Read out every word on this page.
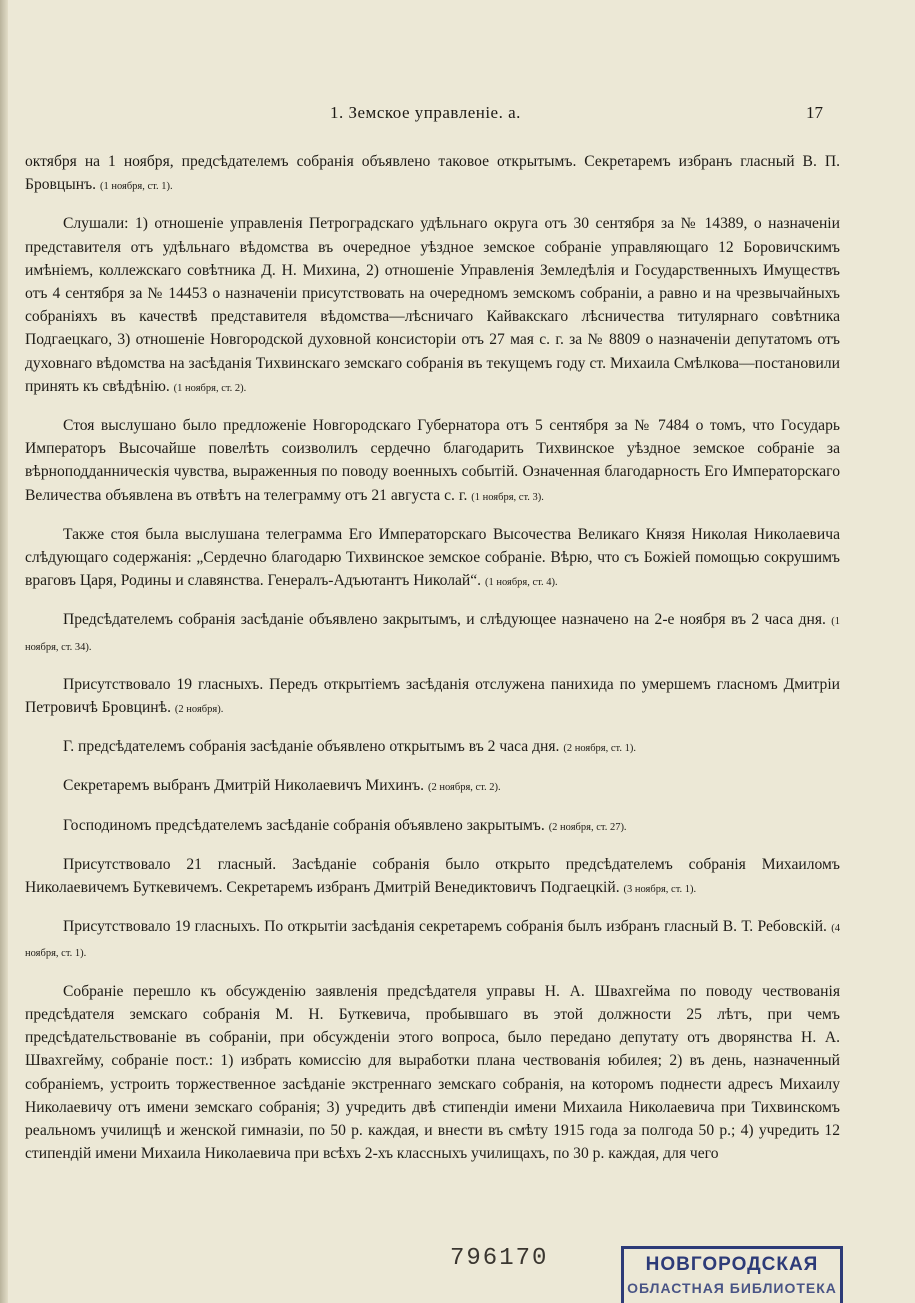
1. Земское управленіе. а.	17

октября на 1 ноября, предсѣдателемъ собранія объявлено таковое открытымъ. Секретаремъ избранъ гласный В. П. Бровцынъ. (1 ноября, ст. 1).

Слушали: 1) отношеніе управленія Петроградскаго удѣльнаго округа отъ 30 сентября за № 14389, о назначеніи представителя отъ удѣльнаго вѣдомства въ очередное уѣздное земское собраніе управляющаго 12 Боровичскимъ имѣніемъ, коллежскаго совѣтника Д. Н. Михина, 2) отношеніе Управленія Земледѣлія и Государственныхъ Имуществъ отъ 4 сентября за № 14453 о назначеніи присутствовать на очередномъ земскомъ собраніи, а равно и на чрезвычайныхъ собраніяхъ въ качествѣ представителя вѣдомства—лѣсничаго Кайвакскаго лѣсничества титулярнаго совѣтника Подгаецкаго, 3) отношеніе Новгородской духовной консисторіи отъ 27 мая с. г. за № 8809 о назначеніи депутатомъ отъ духовнаго вѣдомства на засѣданія Тихвинскаго земскаго собранія въ текущемъ году ст. Михаила Смѣлкова—постановили принять къ свѣдѣнію. (1 ноября, ст. 2).

Стоя выслушано было предложеніе Новгородскаго Губернатора отъ 5 сентября за № 7484 о томъ, что Государь Императоръ Высочайше повелѣть соизволилъ сердечно благодарить Тихвинское уѣздное земское собраніе за вѣрноподданническія чувства, выраженныя по поводу военныхъ событій. Означенная благодарность Его Императорскаго Величества объявлена въ отвѣтъ на телеграмму отъ 21 августа с. г. (1 ноября, ст. 3).

Также стоя была выслушана телеграмма Его Императорскаго Высочества Великаго Князя Николая Николаевича слѣдующаго содержанія: „Сердечно благодарю Тихвинское земское собраніе. Вѣрю, что съ Божіей помощью сокрушимъ враговъ Царя, Родины и славянства. Генералъ-Адъютантъ Николай“. (1 ноября, ст. 4).

Предсѣдателемъ собранія засѣданіе объявлено закрытымъ, и слѣдующее назначено на 2-е ноября въ 2 часа дня. (1 ноября, ст. 34).

Присутствовало 19 гласныхъ. Передъ открытіемъ засѣданія отслужена панихида по умершемъ гласномъ Дмитріи Петровичѣ Бровцинѣ. (2 ноября).

Г. предсѣдателемъ собранія засѣданіе объявлено открытымъ въ 2 часа дня. (2 ноября, ст. 1).

Секретаремъ выбранъ Дмитрій Николаевичъ Михинъ. (2 ноября, ст. 2).

Господиномъ предсѣдателемъ засѣданіе собранія объявлено закрытымъ. (2 ноября, ст. 27).

Присутствовало 21 гласный. Засѣданіе собранія было открыто предсѣдателемъ собранія Михаиломъ Николаевичемъ Буткевичемъ. Секретаремъ избранъ Дмитрій Венедиктовичъ Подгаецкій. (3 ноября, ст. 1).

Присутствовало 19 гласныхъ. По открытіи засѣданія секретаремъ собранія былъ избранъ гласный В. Т. Ребовскій. (4 ноября, ст. 1).

Собраніе перешло къ обсужденію заявленія предсѣдателя управы Н. А. Швахгейма по поводу чествованія предсѣдателя земскаго собранія М. Н. Буткевича, пробывшаго въ этой должности 25 лѣтъ, при чемъ предсѣдательствованіе въ собраніи, при обсужденіи этого вопроса, было передано депутату отъ дворянства Н. А. Швахгейму, собраніе пост.: 1) избрать комиссію для выработки плана чествованія юбилея; 2) въ день, назначенный собраніемъ, устроить торжественное засѣданіе экстреннаго земскаго собранія, на которомъ поднести адресъ Михаилу Николаевичу отъ имени земскаго собранія; 3) учредить двѣ стипендіи имени Михаила Николаевича при Тихвинскомъ реальномъ училищѣ и женской гимназіи, по 50 р. каждая, и внести въ смѣту 1915 года за полгода 50 р.; 4) учредить 12 стипендій имени Михаила Николаевича при всѣхъ 2-хъ классныхъ училищахъ, по 30 р. каждая, для чего

796170	НОВГОРОДСКАЯ
ОБЛАСТНАЯ БИБЛИОТЕКА
